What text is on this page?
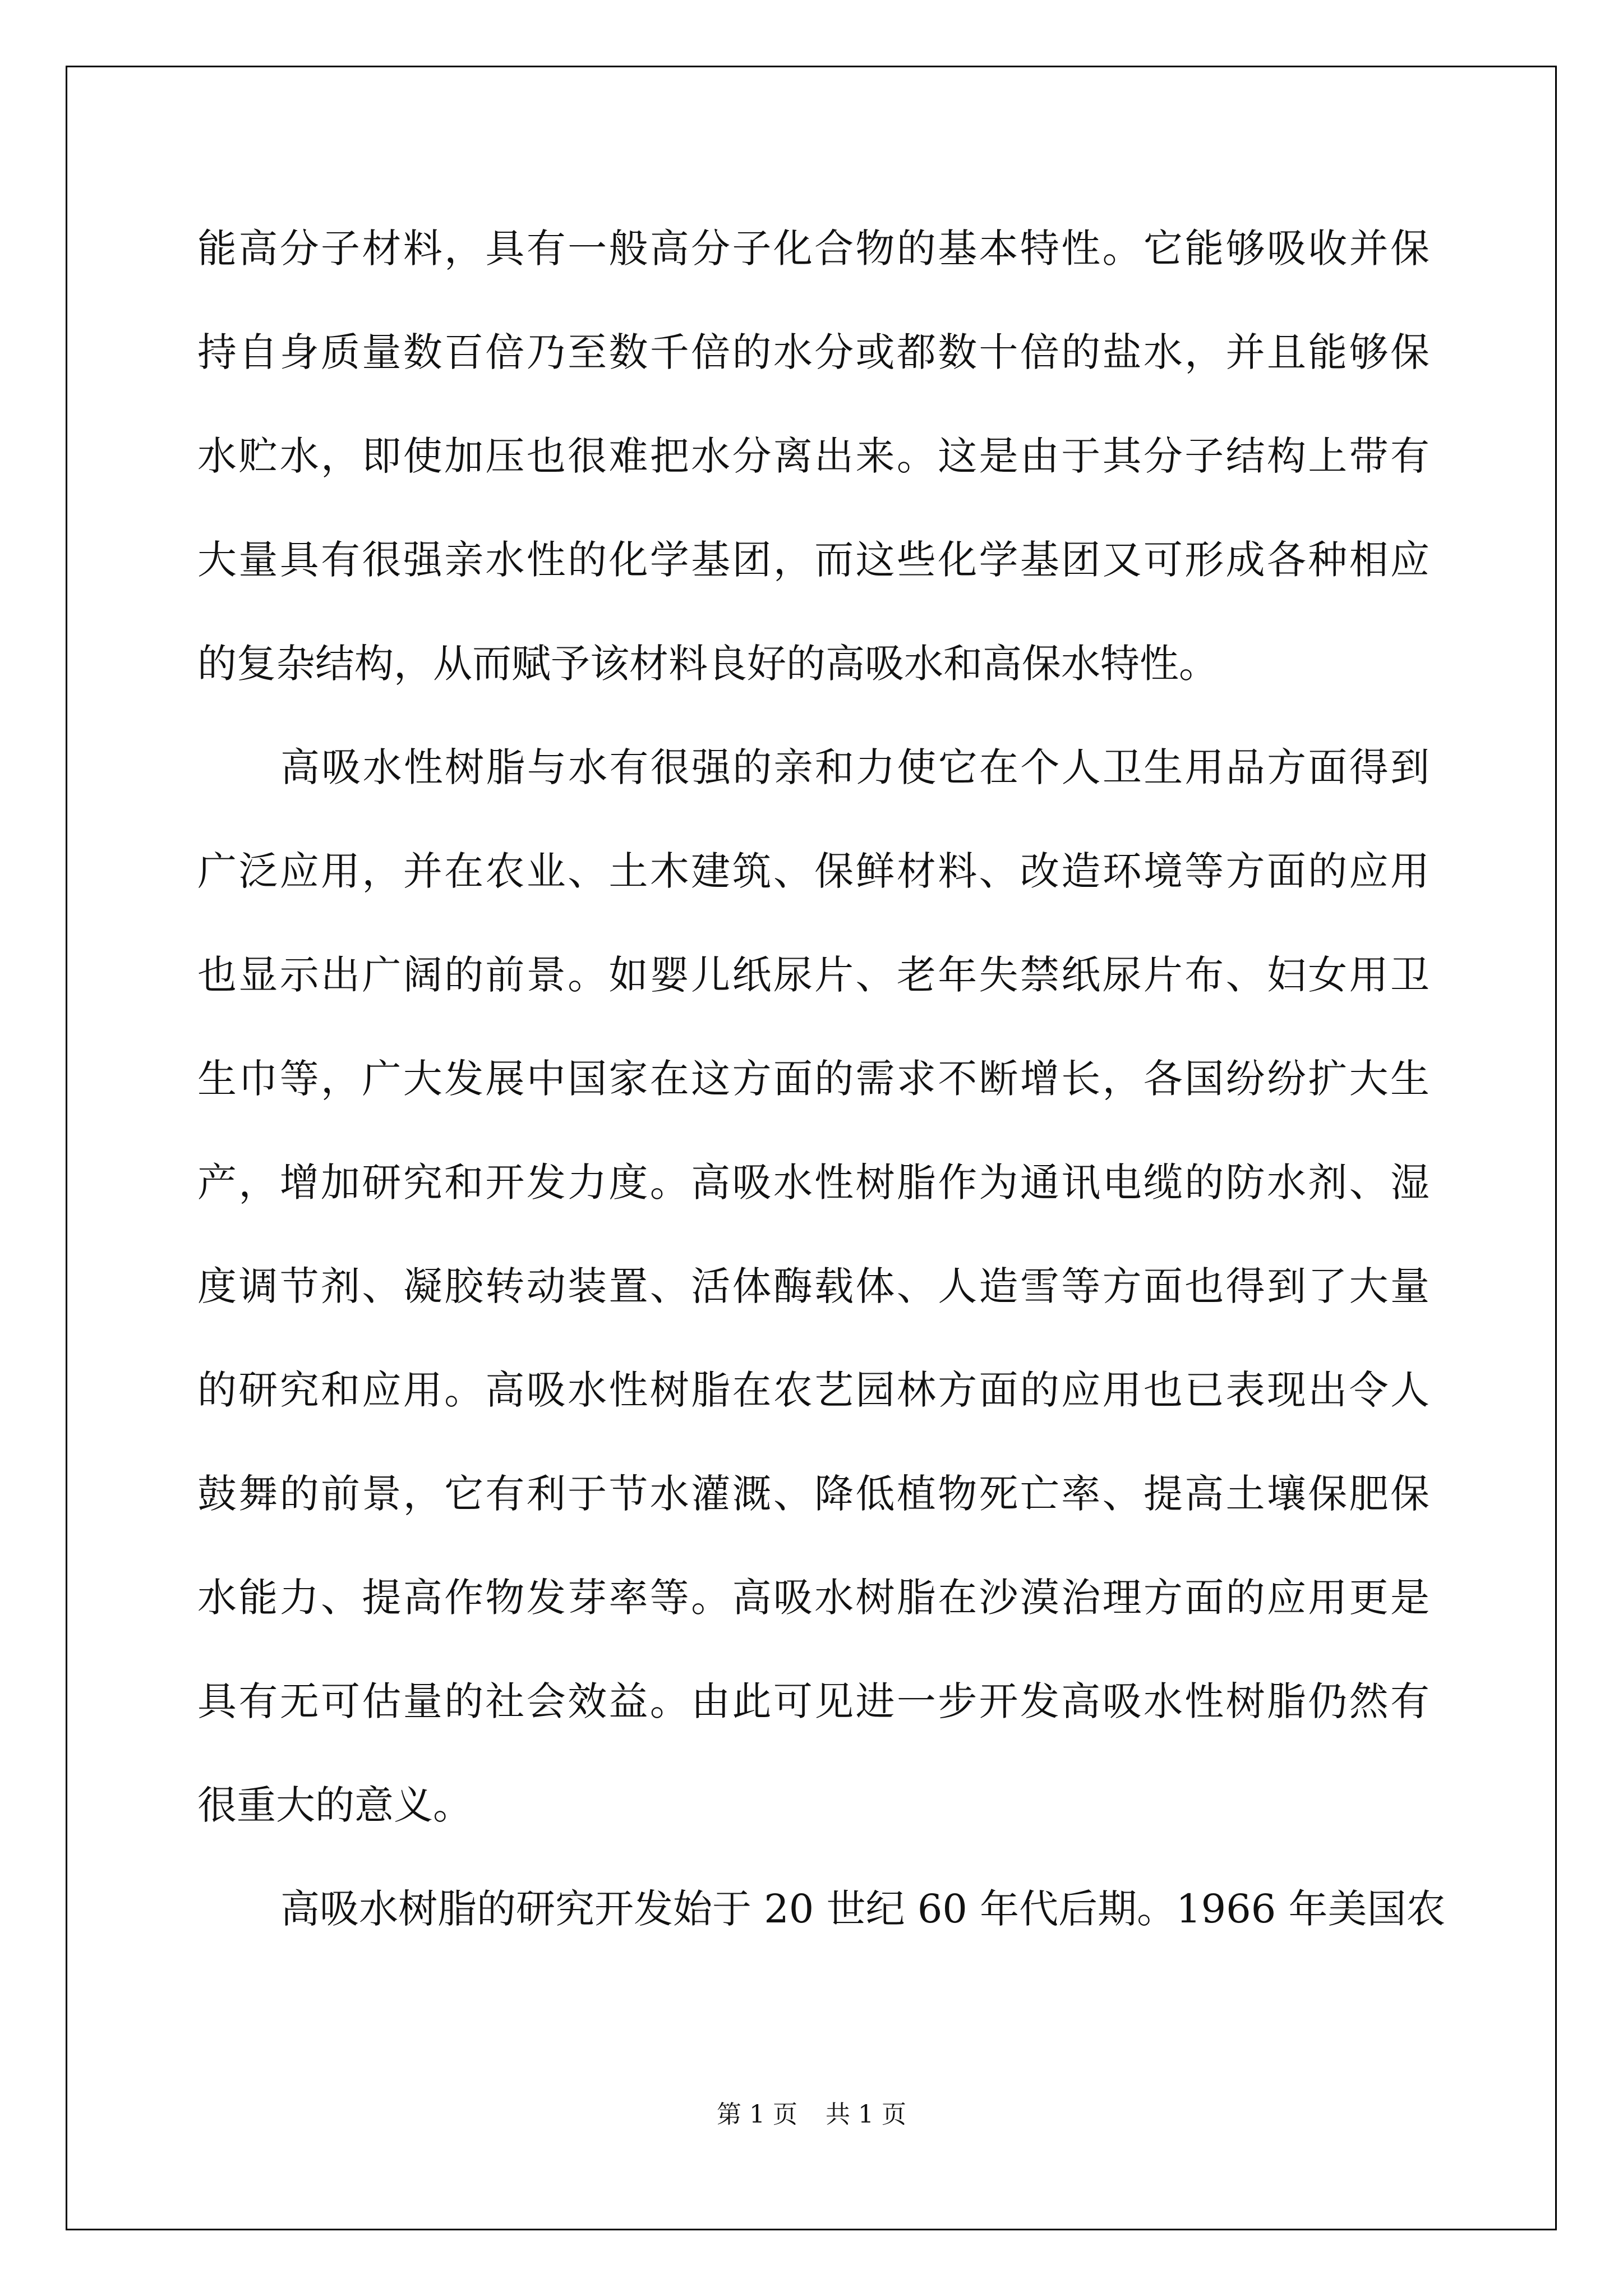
能高分子材料，具有一般高分子化合物的基本特性。它能够吸收并保
持自身质量数百倍乃至数千倍的水分或都数十倍的盐水，并且能够保
水贮水，即使加压也很难把水分离出来。这是由于其分子结构上带有
大量具有很强亲水性的化学基团，而这些化学基团又可形成各种相应
的复杂结构，从而赋予该材料良好的高吸水和高保水特性。
高吸水性树脂与水有很强的亲和力使它在个人卫生用品方面得到
广泛应用，并在农业、土木建筑、保鲜材料、改造环境等方面的应用
也显示出广阔的前景。如婴儿纸尿片、老年失禁纸尿片布、妇女用卫
生巾等，广大发展中国家在这方面的需求不断增长，各国纷纷扩大生
产，增加研究和开发力度。高吸水性树脂作为通讯电缆的防水剂、湿
度调节剂、凝胶转动装置、活体酶载体、人造雪等方面也得到了大量
的研究和应用。高吸水性树脂在农艺园林方面的应用也已表现出令人
鼓舞的前景，它有利于节水灌溉、降低植物死亡率、提高土壤保肥保
水能力、提高作物发芽率等。高吸水树脂在沙漠治理方面的应用更是
具有无可估量的社会效益。由此可见进一步开发高吸水性树脂仍然有
很重大的意义。
高吸水树脂的研究开发始于 20 世纪 60 年代后期。1966 年美国农
第 1 页 共 1 页
